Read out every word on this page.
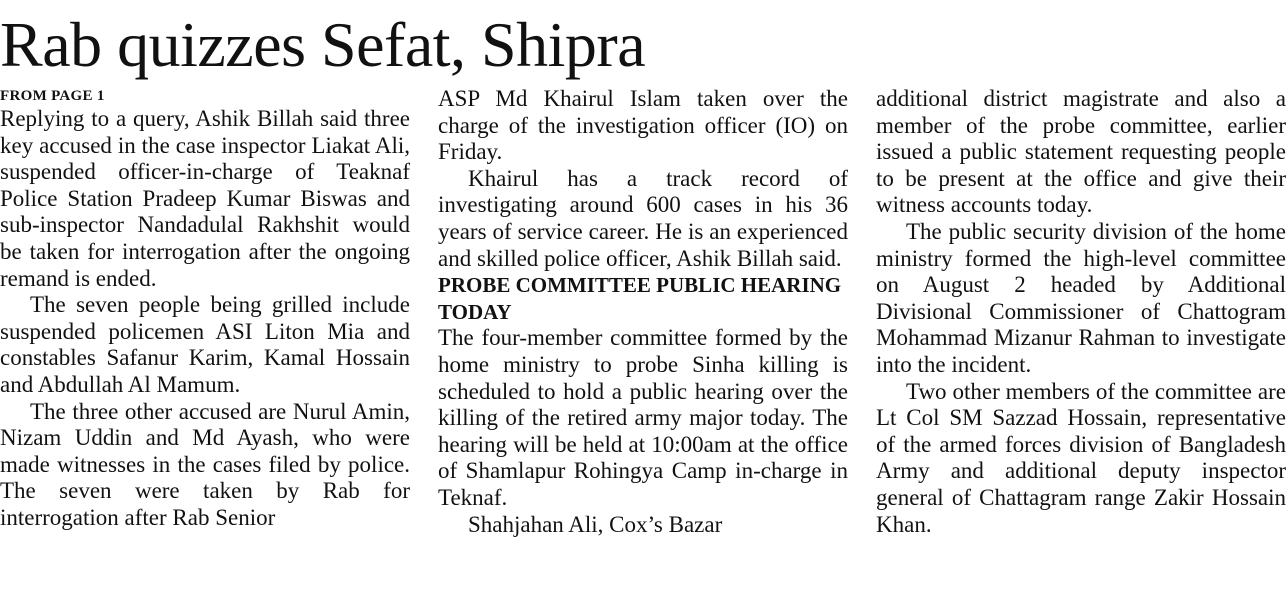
Rab quizzes Sefat, Shipra
FROM PAGE 1

Replying to a query, Ashik Billah said three key accused in the case inspector Liakat Ali, suspended officer-in-charge of Teaknaf Police Station Pradeep Kumar Biswas and sub-inspector Nandadulal Rakhshit would be taken for interrogation after the ongoing remand is ended.

The seven people being grilled include suspended policemen ASI Liton Mia and constables Safanur Karim, Kamal Hossain and Abdullah Al Mamum.

The three other accused are Nurul Amin, Nizam Uddin and Md Ayash, who were made witnesses in the cases filed by police. The seven were taken by Rab for interrogation after Rab Senior

ASP Md Khairul Islam taken over the charge of the investigation officer (IO) on Friday.

Khairul has a track record of investigating around 600 cases in his 36 years of service career. He is an experienced and skilled police officer, Ashik Billah said.

PROBE COMMITTEE PUBLIC HEARING TODAY

The four-member committee formed by the home ministry to probe Sinha killing is scheduled to hold a public hearing over the killing of the retired army major today. The hearing will be held at 10:00am at the office of Shamlapur Rohingya Camp in-charge in Teknaf.

Shahjahan Ali, Cox’s Bazar

additional district magistrate and also a member of the probe committee, earlier issued a public statement requesting people to be present at the office and give their witness accounts today.

The public security division of the home ministry formed the high-level committee on August 2 headed by Additional Divisional Commissioner of Chattogram Mohammad Mizanur Rahman to investigate into the incident.

Two other members of the committee are Lt Col SM Sazzad Hossain, representative of the armed forces division of Bangladesh Army and additional deputy inspector general of Chattagram range Zakir Hossain Khan.
